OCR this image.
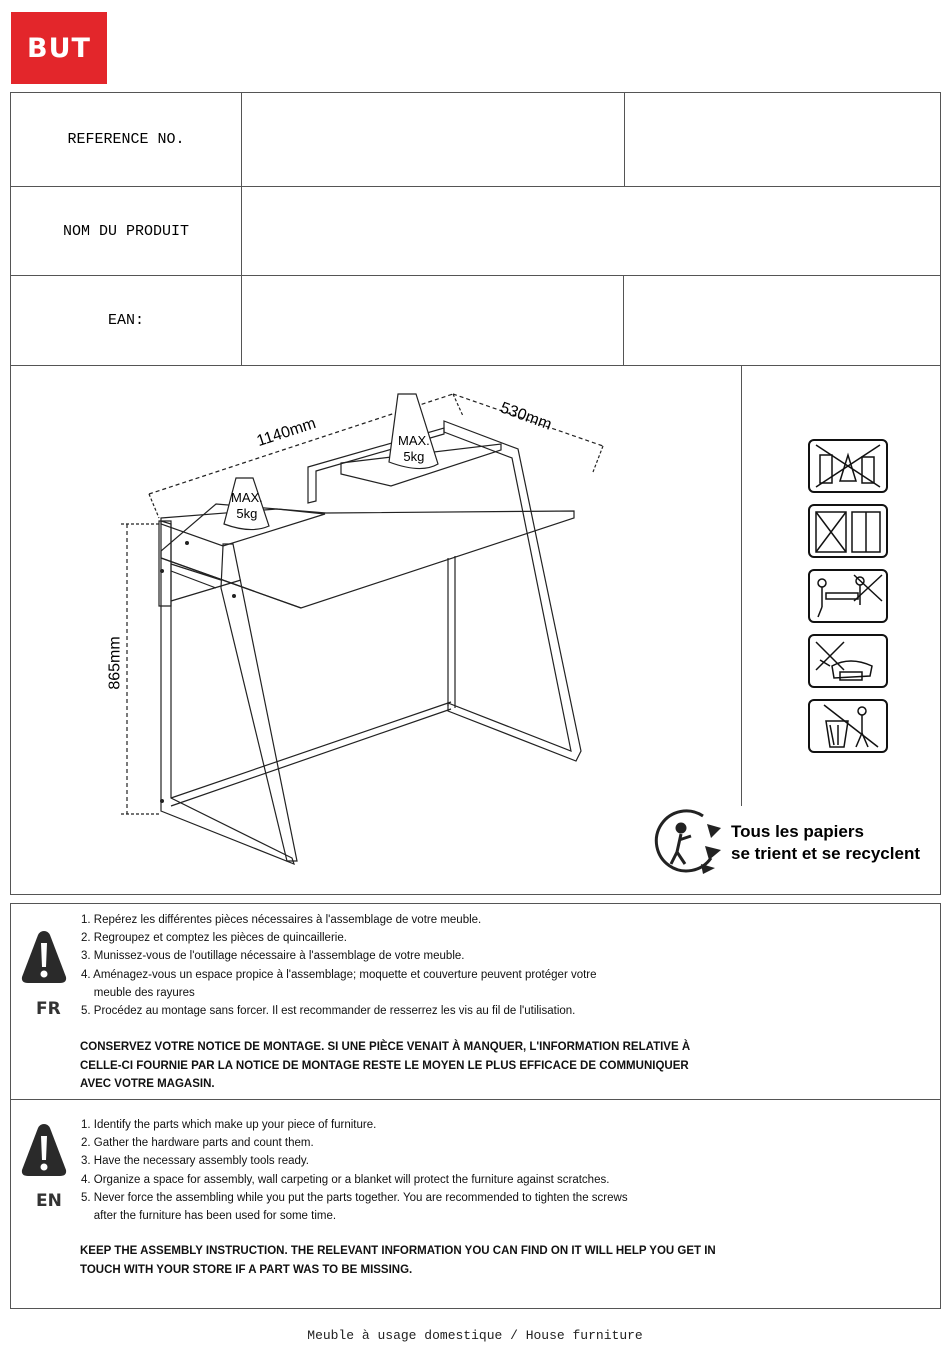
BUT
REFERENCE NO.
NOM DU PRODUIT
EAN:
1140mm	530mm
865mm
MAX.
5kg
MAX.
5kg
Tous les papiers
se trient et se recyclent
FR
1. Repérez les différentes pièces nécessaires à l'assemblage de votre meuble.
2. Regroupez et comptez les pièces de quincaillerie.
3. Munissez-vous de l'outillage nécessaire à l'assemblage de votre meuble.
4. Aménagez-vous un espace propice à l'assemblage; moquette et couverture peuvent protéger votre
meuble des rayures
5. Procédez au montage sans forcer. Il est recommander de resserrez les vis au fil de l'utilisation.
CONSERVEZ VOTRE NOTICE DE MONTAGE. SI UNE PIÈCE VENAIT À MANQUER, L'INFORMATION RELATIVE À CELLE-CI FOURNIE PAR LA NOTICE DE MONTAGE RESTE LE MOYEN LE PLUS EFFICACE DE COMMUNIQUER AVEC VOTRE MAGASIN.
EN
1. Identify the parts which make up your piece of furniture.
2. Gather the hardware parts and count them.
3. Have the necessary assembly tools ready.
4. Organize a space for assembly, wall carpeting or a blanket will protect the furniture against scratches.
5. Never force the assembling while you put the parts together. You are recommended to tighten the screws
after the furniture has been used for some time.
KEEP THE ASSEMBLY INSTRUCTION. THE RELEVANT INFORMATION YOU CAN FIND ON IT WILL HELP YOU GET IN TOUCH WITH YOUR STORE IF A PART WAS TO BE MISSING.
Meuble à usage domestique / House furniture
